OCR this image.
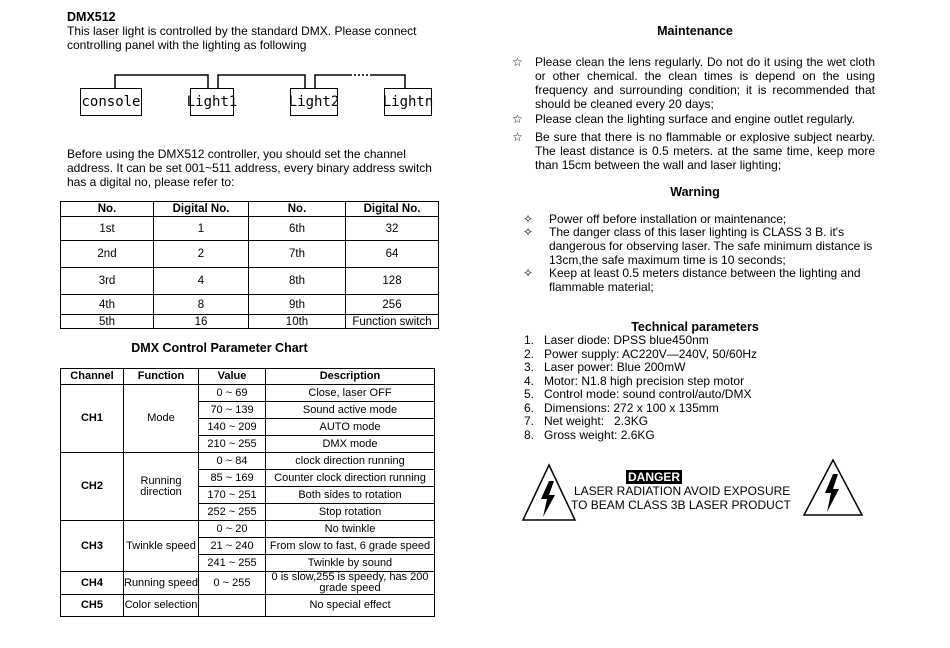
DMX512
This laser light is controlled by the standard DMX. Please connect controlling panel with the lighting as following
console	Light1	Light2	Lightn
Before using the DMX512 controller, you should set the channel address. It can be set 001~511 address, every binary address switch has a digital no, please refer to:
No.	Digital No.	No.	Digital No.
1st	1	6th	32
2nd	2	7th	64
3rd	4	8th	128
4th	8	9th	256
5th	16	10th	Function switch
DMX Control Parameter Chart
Channel	Function	Value	Description
CH1	Mode	0 ~ 69	Close, laser OFF
		70 ~ 139	Sound active mode
		140 ~ 209	AUTO mode
		210 ~ 255	DMX mode
CH2	Running direction	0 ~ 84	clock direction running
		85 ~ 169	Counter clock direction running
		170 ~ 251	Both sides to rotation
		252 ~ 255	Stop rotation
CH3	Twinkle speed	0 ~ 20	No twinkle
		21 ~ 240	From slow to fast, 6 grade speed
		241 ~ 255	Twinkle by sound
CH4	Running speed	0 ~ 255	0 is slow,255 is speedy, has 200 grade speed
CH5	Color selection		No special effect
Maintenance
☆ Please clean the lens regularly. Do not do it using the wet cloth or other chemical. the clean times is depend on the using frequency and surrounding condition; it is recommended that should be cleaned every 20 days;
☆ Please clean the lighting surface and engine outlet regularly.
☆ Be sure that there is no flammable or explosive subject nearby. The least distance is 0.5 meters. at the same time, keep more than 15cm between the wall and laser lighting;
Warning
✧ Power off before installation or maintenance;
✧ The danger class of this laser lighting is CLASS 3 B. it's dangerous for observing laser. The safe minimum distance is 13cm,the safe maximum time is 10 seconds;
✧ Keep at least 0.5 meters distance between the lighting and flammable material;
Technical parameters
1.   Laser diode: DPSS blue450nm
2.   Power supply: AC220V—240V, 50/60Hz
3.   Laser power: Blue 200mW
4.   Motor: N1.8 high precision step motor
5.   Control mode: sound control/auto/DMX
6.   Dimensions: 272 x 100 x 135mm
7.   Net weight:   2.3KG
8.   Gross weight: 2.6KG
DANGER
LASER RADIATION AVOID EXPOSURE
TO BEAM CLASS 3B LASER PRODUCT
